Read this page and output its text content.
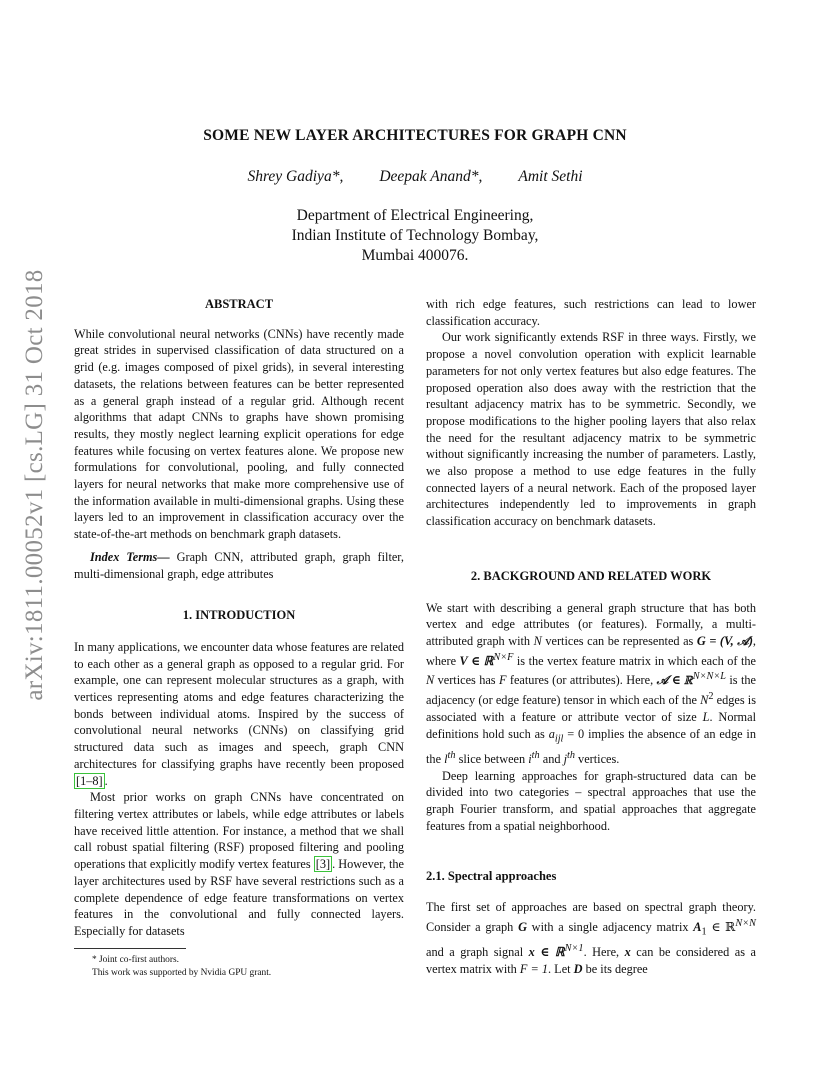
arXiv:1811.00052v1 [cs.LG] 31 Oct 2018
SOME NEW LAYER ARCHITECTURES FOR GRAPH CNN
Shrey Gadiya*, Deepak Anand*, Amit Sethi
Department of Electrical Engineering,
Indian Institute of Technology Bombay,
Mumbai 400076.
ABSTRACT

While convolutional neural networks (CNNs) have recently made great strides in supervised classification of data structured on a grid (e.g. images composed of pixel grids), in several interesting datasets, the relations between features can be better represented as a general graph instead of a regular grid. Although recent algorithms that adapt CNNs to graphs have shown promising results, they mostly neglect learning explicit operations for edge features while focusing on vertex features alone. We propose new formulations for convolutional, pooling, and fully connected layers for neural networks that make more comprehensive use of the information available in multi-dimensional graphs. Using these layers led to an improvement in classification accuracy over the state-of-the-art methods on benchmark graph datasets.

Index Terms— Graph CNN, attributed graph, graph filter, multi-dimensional graph, edge attributes

1. INTRODUCTION

In many applications, we encounter data whose features are related to each other as a general graph as opposed to a regular grid. For example, one can represent molecular structures as a graph, with vertices representing atoms and edge features characterizing the bonds between individual atoms. Inspired by the success of convolutional neural networks (CNNs) on classifying grid structured data such as images and speech, graph CNN architectures for classifying graphs have recently been proposed [1–8] .

Most prior works on graph CNNs have concentrated on filtering vertex attributes or labels, while edge attributes or labels have received little attention. For instance, a method that we shall call robust spatial filtering (RSF) proposed filtering and pooling operations that explicitly modify vertex features [3] . However, the layer architectures used by RSF have several restrictions such as a complete dependence of edge feature transformations on vertex features in the convolutional and fully connected layers. Especially for datasets

* Joint co-first authors.

This work was supported by Nvidia GPU grant.

with rich edge features, such restrictions can lead to lower classification accuracy.

Our work significantly extends RSF in three ways. Firstly, we propose a novel convolution operation with explicit learnable parameters for not only vertex features but also edge features. The proposed operation also does away with the restriction that the resultant adjacency matrix has to be symmetric. Secondly, we propose modifications to the higher pooling layers that also relax the need for the resultant adjacency matrix to be symmetric without significantly increasing the number of parameters. Lastly, we also propose a method to use edge features in the fully connected layers of a neural network. Each of the proposed layer architectures independently led to improvements in graph classification accuracy on benchmark datasets.

2. BACKGROUND AND RELATED WORK

We start with describing a general graph structure that has both vertex and edge attributes (or features). Formally, a multi-attributed graph with N vertices can be represented as G = (V, 𝒜), where V ∈ ℝ$^{N\times F}$ is the vertex feature matrix in which each of the N vertices has F features (or attributes). Here, 𝒜 ∈ ℝ$^{N\times N\times L}$ is the adjacency (or edge feature) tensor in which each of the $N^2$ edges is associated with a feature or attribute vector of size L. Normal definitions hold such as $a_{ijl} = 0$ implies the absence of an edge in the $l^{th}$ slice between $i^{th}$ and $j^{th}$ vertices.

Deep learning approaches for graph-structured data can be divided into two categories – spectral approaches that use the graph Fourier transform, and spatial approaches that aggregate features from a spatial neighborhood.

2.1. Spectral approaches

The first set of approaches are based on spectral graph theory. Consider a graph G with a single adjacency matrix $A_1$ ∈ ℝ$^{N\times N}$ and a graph signal x ∈ ℝ$^{N\times 1}$. Here, x can be considered as a vertex matrix with F = 1. Let D be its degree
